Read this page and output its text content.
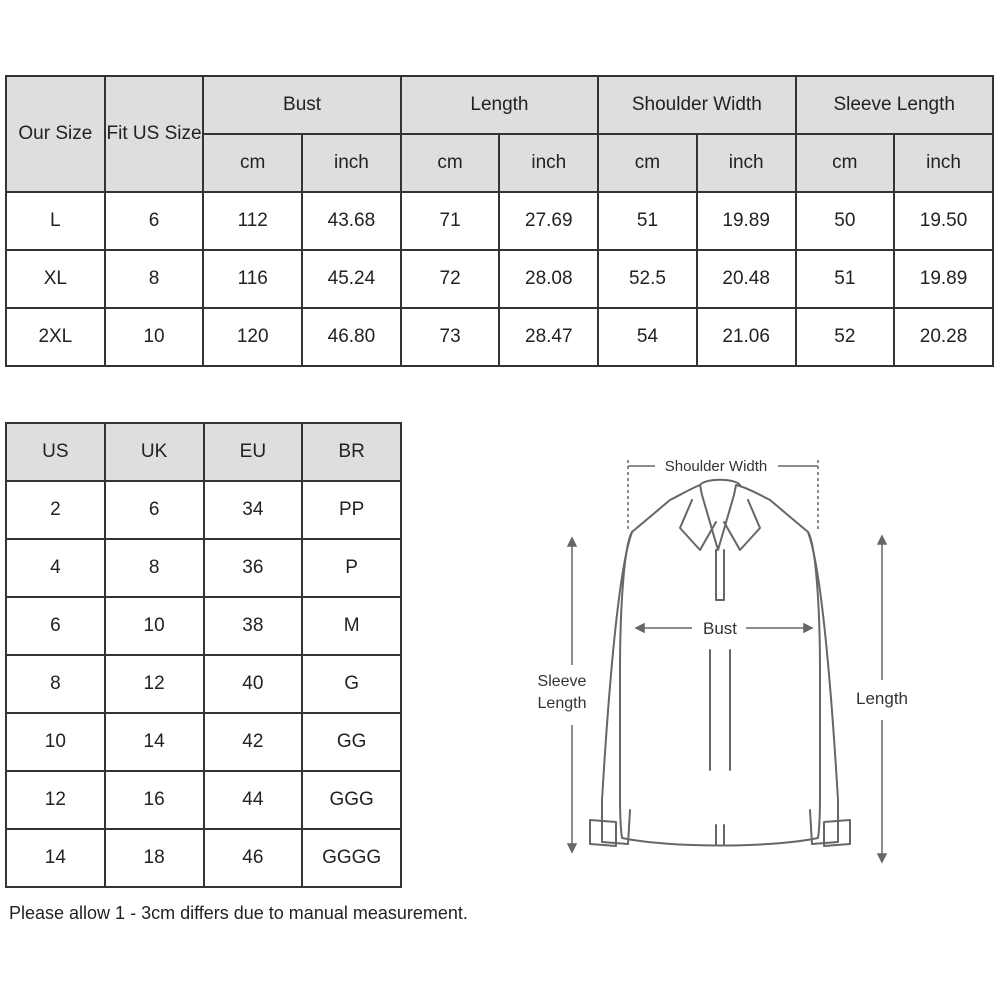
Our Size	Fit US Size	Bust		Length		Shoulder Width		Sleeve Length	
		cm	inch	cm	inch	cm	inch	cm	inch
L	6	112	43.68	71	27.69	51	19.89	50	19.50
XL	8	116	45.24	72	28.08	52.5	20.48	51	19.89
2XL	10	120	46.80	73	28.47	54	21.06	52	20.28
US	UK	EU	BR
2	6	34	PP
4	8	36	P
6	10	38	M
8	12	40	G
10	14	42	GG
12	16	44	GGG
14	18	46	GGGG
Shoulder Width
Bust
Sleeve
Length	Length
Please allow 1 - 3cm differs due to manual measurement.
